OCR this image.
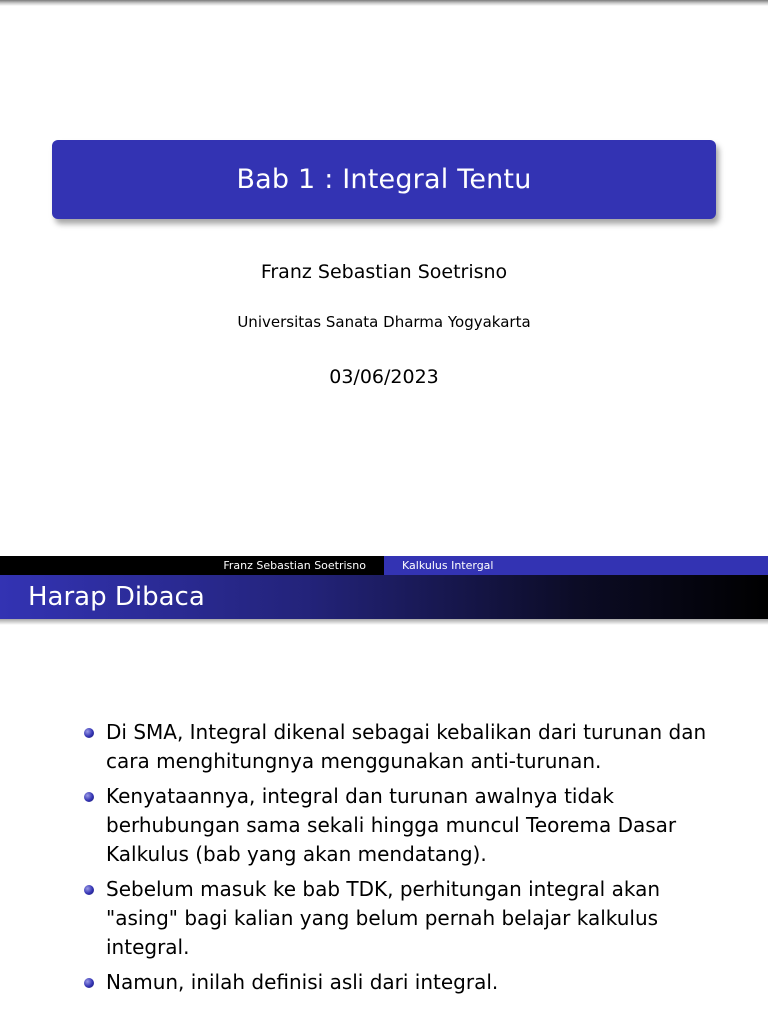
Bab 1 : Integral Tentu
Franz Sebastian Soetrisno
Universitas Sanata Dharma Yogyakarta
03/06/2023
Franz Sebastian Soetrisno	Kalkulus Intergal
Harap Dibaca
Di SMA, Integral dikenal sebagai kebalikan dari turunan dan cara menghitungnya menggunakan anti-turunan.
Kenyataannya, integral dan turunan awalnya tidak berhubungan sama sekali hingga muncul Teorema Dasar Kalkulus (bab yang akan mendatang).
Sebelum masuk ke bab TDK, perhitungan integral akan "asing" bagi kalian yang belum pernah belajar kalkulus integral.
Namun, inilah definisi asli dari integral.
